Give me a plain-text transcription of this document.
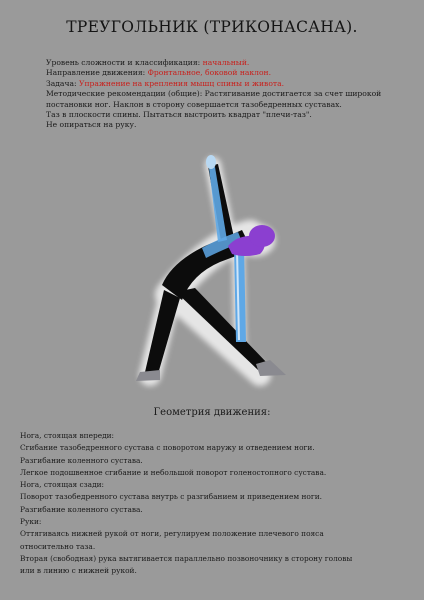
ТРЕУГОЛЬНИК (ТРИКОНАСАНА).
Уровень сложности и классификация: начальный.
Направление движения: Фронтальное, боковой наклон.
Задача: Упражнение на крепления мышц спины и живота.
Методические рекомендации (общие): Растягивание достигается за счет широкой
постановки ног. Наклон в сторону совершается тазобедренных суставах.
Таз в плоскости спины. Пытаться выстроить квадрат "плечи-таз".
Не опираться на руку.
Геометрия движения:
Нога, стоящая впереди:
Сгибание тазобедренного сустава с поворотом наружу и отведением ноги.
Разгибание коленного сустава.
Легкое подошвенное сгибание и небольшой поворот голеностопного сустава.
Нога, стоящая сзади:
Поворот тазобедренного сустава внутрь с разгибанием и приведением ноги.
Разгибание коленного сустава.
Руки:
Оттягиваясь нижней рукой от ноги, регулируем положение плечевого пояса
относительно таза.
Вторая (свободная) рука вытягивается параллельно позвоночнику в сторону головы
или в линию с нижней рукой.
